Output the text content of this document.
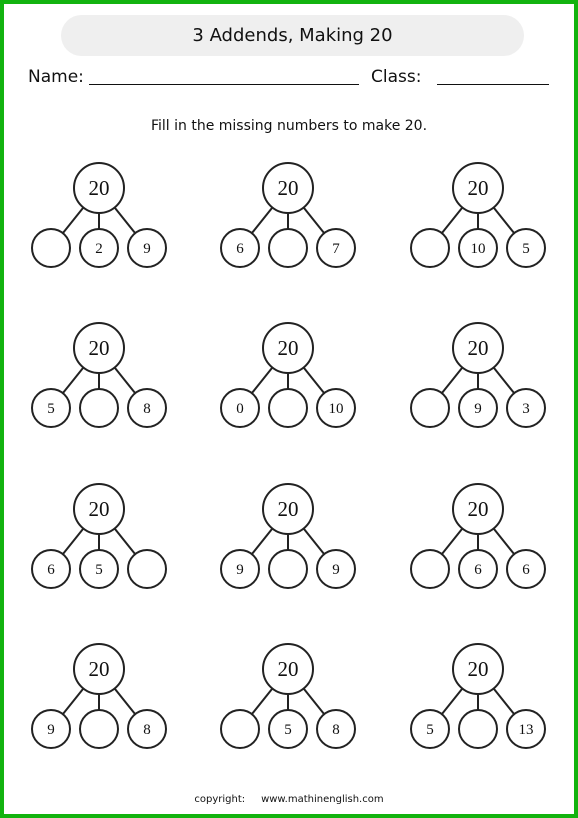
3 Addends, Making 20
Name:	Class:
Fill in the missing numbers to make 20.
20
2	9
20
6	7
20
10 5
20
5	8
20
0	10
20
9	3
20
6	5
20
9	9
20
6	6
20
9	8
20
5	8
20
5	13
copyright: www.mathinenglish.com
